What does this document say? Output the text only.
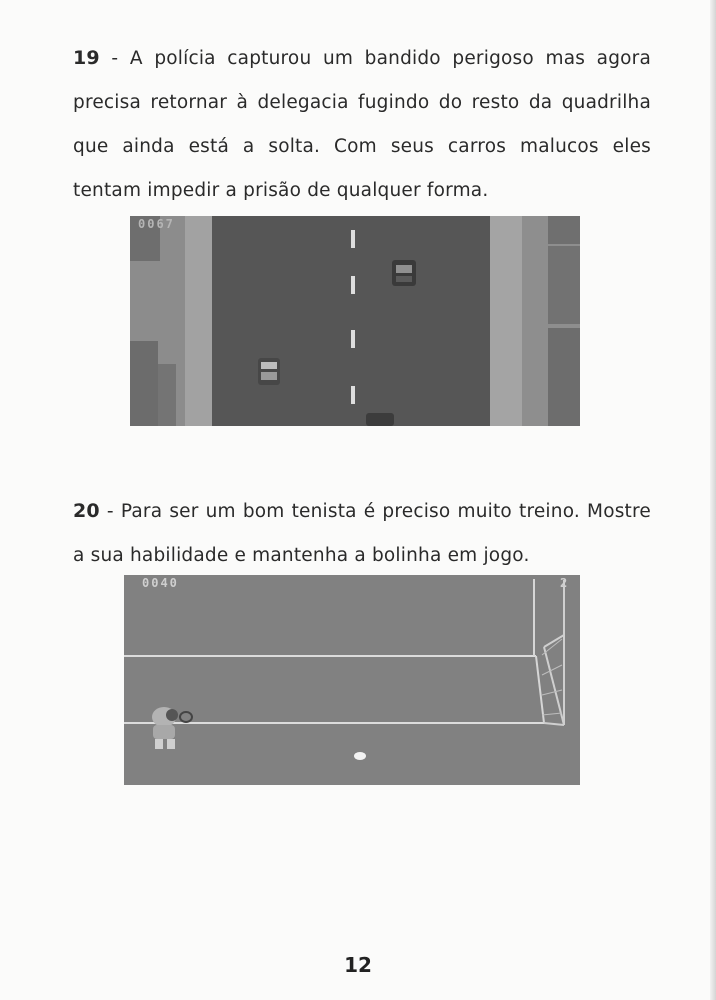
19 - A polícia capturou um bandido perigoso mas agora precisa retornar à delegacia fugindo do resto da quadrilha que ainda está a solta. Com seus carros malucos eles tentam impedir a prisão de qualquer forma.
0067
20 - Para ser um bom tenista é preciso muito treino. Mostre a sua habilidade e mantenha a bolinha em jogo.
0040	2
12
